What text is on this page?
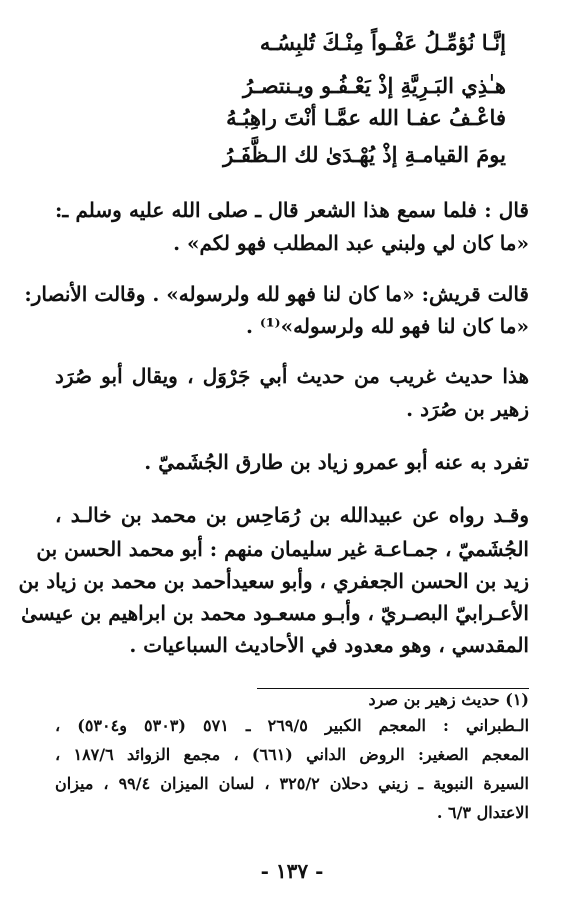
إنَّـا نُؤمِّـلُ عَفْـواً مِنْـكَ تُلبِسُـه
هـٰذِي البَـرِيَّةِ إذْ يَعْـفُـو ويـنتصـرُ
فاعْـفُ عفـا الله عمَّـا أنْتَ راهِبُـهُ
يومَ القيامـةِ إذْ يُهْـدَىٰ لك الـظَّفَـرُ
قال : فلما سمع هذا الشعر قال ـ صلى الله عليه وسلم ـ:
«ما كان لي ولبني عبد المطلب فهو لكم» .
قالت قريش: «ما كان لنا فهو لله ولرسوله» . وقالت الأنصار:
«ما كان لنا فهو لله ولرسوله»⁽¹⁾ .
هذا حديث غريب من حديث أبي جَرْوَل ، ويقال أبو صُرَد
زهير بن صُرَد .
تفرد به عنه أبو عمرو زياد بن طارق الجُشَميّ .
وقـد رواه عن عبيدالله بن رُمَاحِس بن محمد بن خالـد ،
الجُشَميّ ، جمـاعـة غير سليمان منهم : أبو محمد الحسن بن
زيد بن الحسن الجعفري ، وأبو سعيدأحمد بن محمد بن زياد بن
الأعـرابيّ البصـريّ ، وأبـو مسعـود محمد بن ابراهيم بن عيسىٰ
المقدسي ، وهو معدود في الأحاديث السباعيات .
(١) حديث زهير بن صرد
الـطبراني : المعجم الكبير ٢٦٩/٥ ـ ٥٧١ (٥٣٠٣ و٥٣٠٤) ،
المعجم الصغير: الروض الداني (٦٦١) ، مجمع الزوائد ١٨٧/٦ ،
السيرة النبوية ـ زيني دحلان ٣٢٥/٢ ، لسان الميزان ٩٩/٤ ، ميزان
الاعتدال ٦/٣ .
- ١٣٧ -
